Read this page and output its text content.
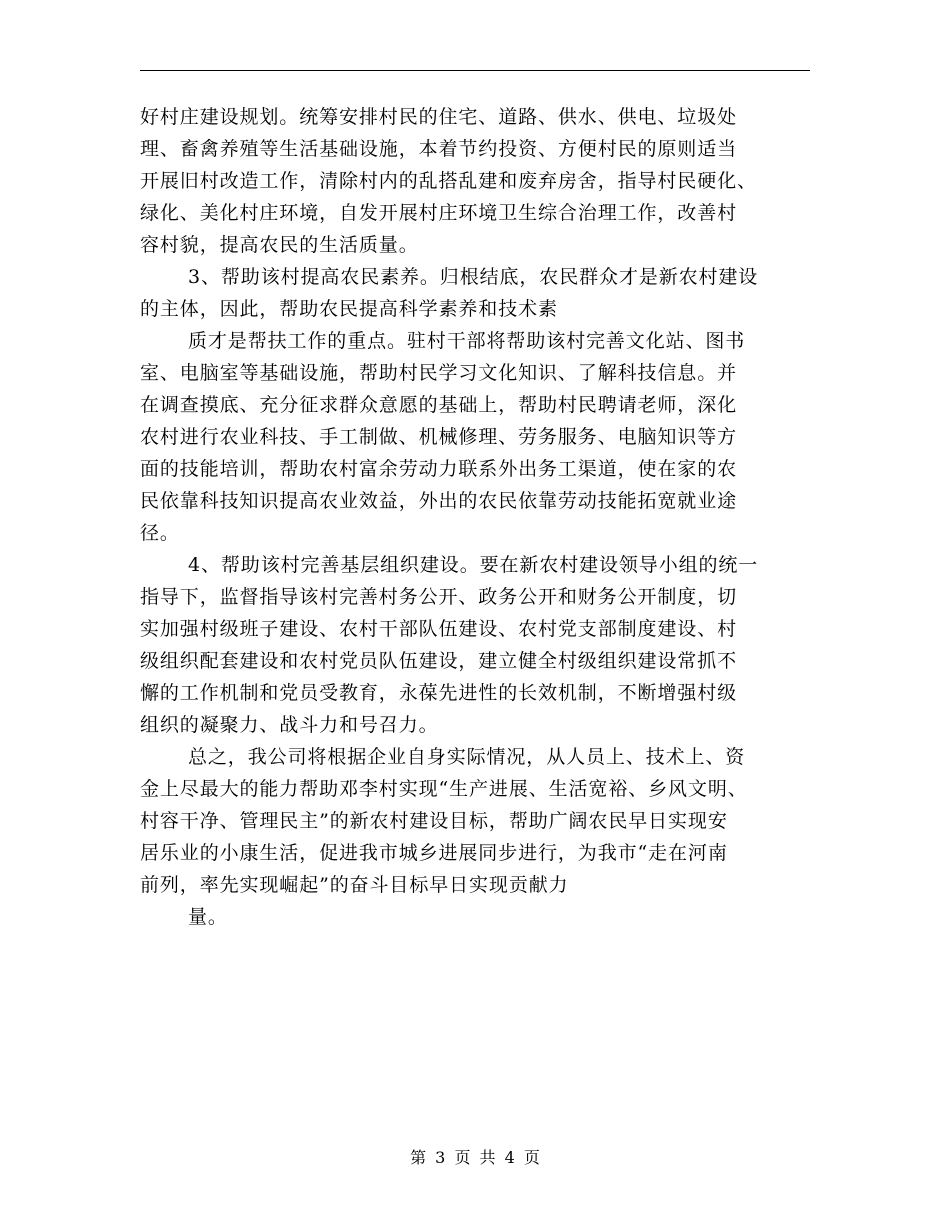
好村庄建设规划。统筹安排村民的住宅、道路、供水、供电、垃圾处
理、畜禽养殖等生活基础设施，本着节约投资、方便村民的原则适当
开展旧村改造工作，清除村内的乱搭乱建和废弃房舍，指导村民硬化、
绿化、美化村庄环境，自发开展村庄环境卫生综合治理工作，改善村
容村貌，提高农民的生活质量。
3、帮助该村提高农民素养。归根结底，农民群众才是新农村建设
的主体，因此，帮助农民提高科学素养和技术素
质才是帮扶工作的重点。驻村干部将帮助该村完善文化站、图书
室、电脑室等基础设施，帮助村民学习文化知识、了解科技信息。并
在调查摸底、充分征求群众意愿的基础上，帮助村民聘请老师，深化
农村进行农业科技、手工制做、机械修理、劳务服务、电脑知识等方
面的技能培训，帮助农村富余劳动力联系外出务工渠道，使在家的农
民依靠科技知识提高农业效益，外出的农民依靠劳动技能拓宽就业途
径。
4、帮助该村完善基层组织建设。要在新农村建设领导小组的统一
指导下，监督指导该村完善村务公开、政务公开和财务公开制度，切
实加强村级班子建设、农村干部队伍建设、农村党支部制度建设、村
级组织配套建设和农村党员队伍建设，建立健全村级组织建设常抓不
懈的工作机制和党员受教育，永葆先进性的长效机制，不断增强村级
组织的凝聚力、战斗力和号召力。
总之，我公司将根据企业自身实际情况，从人员上、技术上、资
金上尽最大的能力帮助邓李村实现“生产进展、生活宽裕、乡风文明、
村容干净、管理民主”的新农村建设目标，帮助广阔农民早日实现安
居乐业的小康生活，促进我市城乡进展同步进行，为我市“走在河南
前列，率先实现崛起”的奋斗目标早日实现贡献力
量。
第 3 页 共 4 页
